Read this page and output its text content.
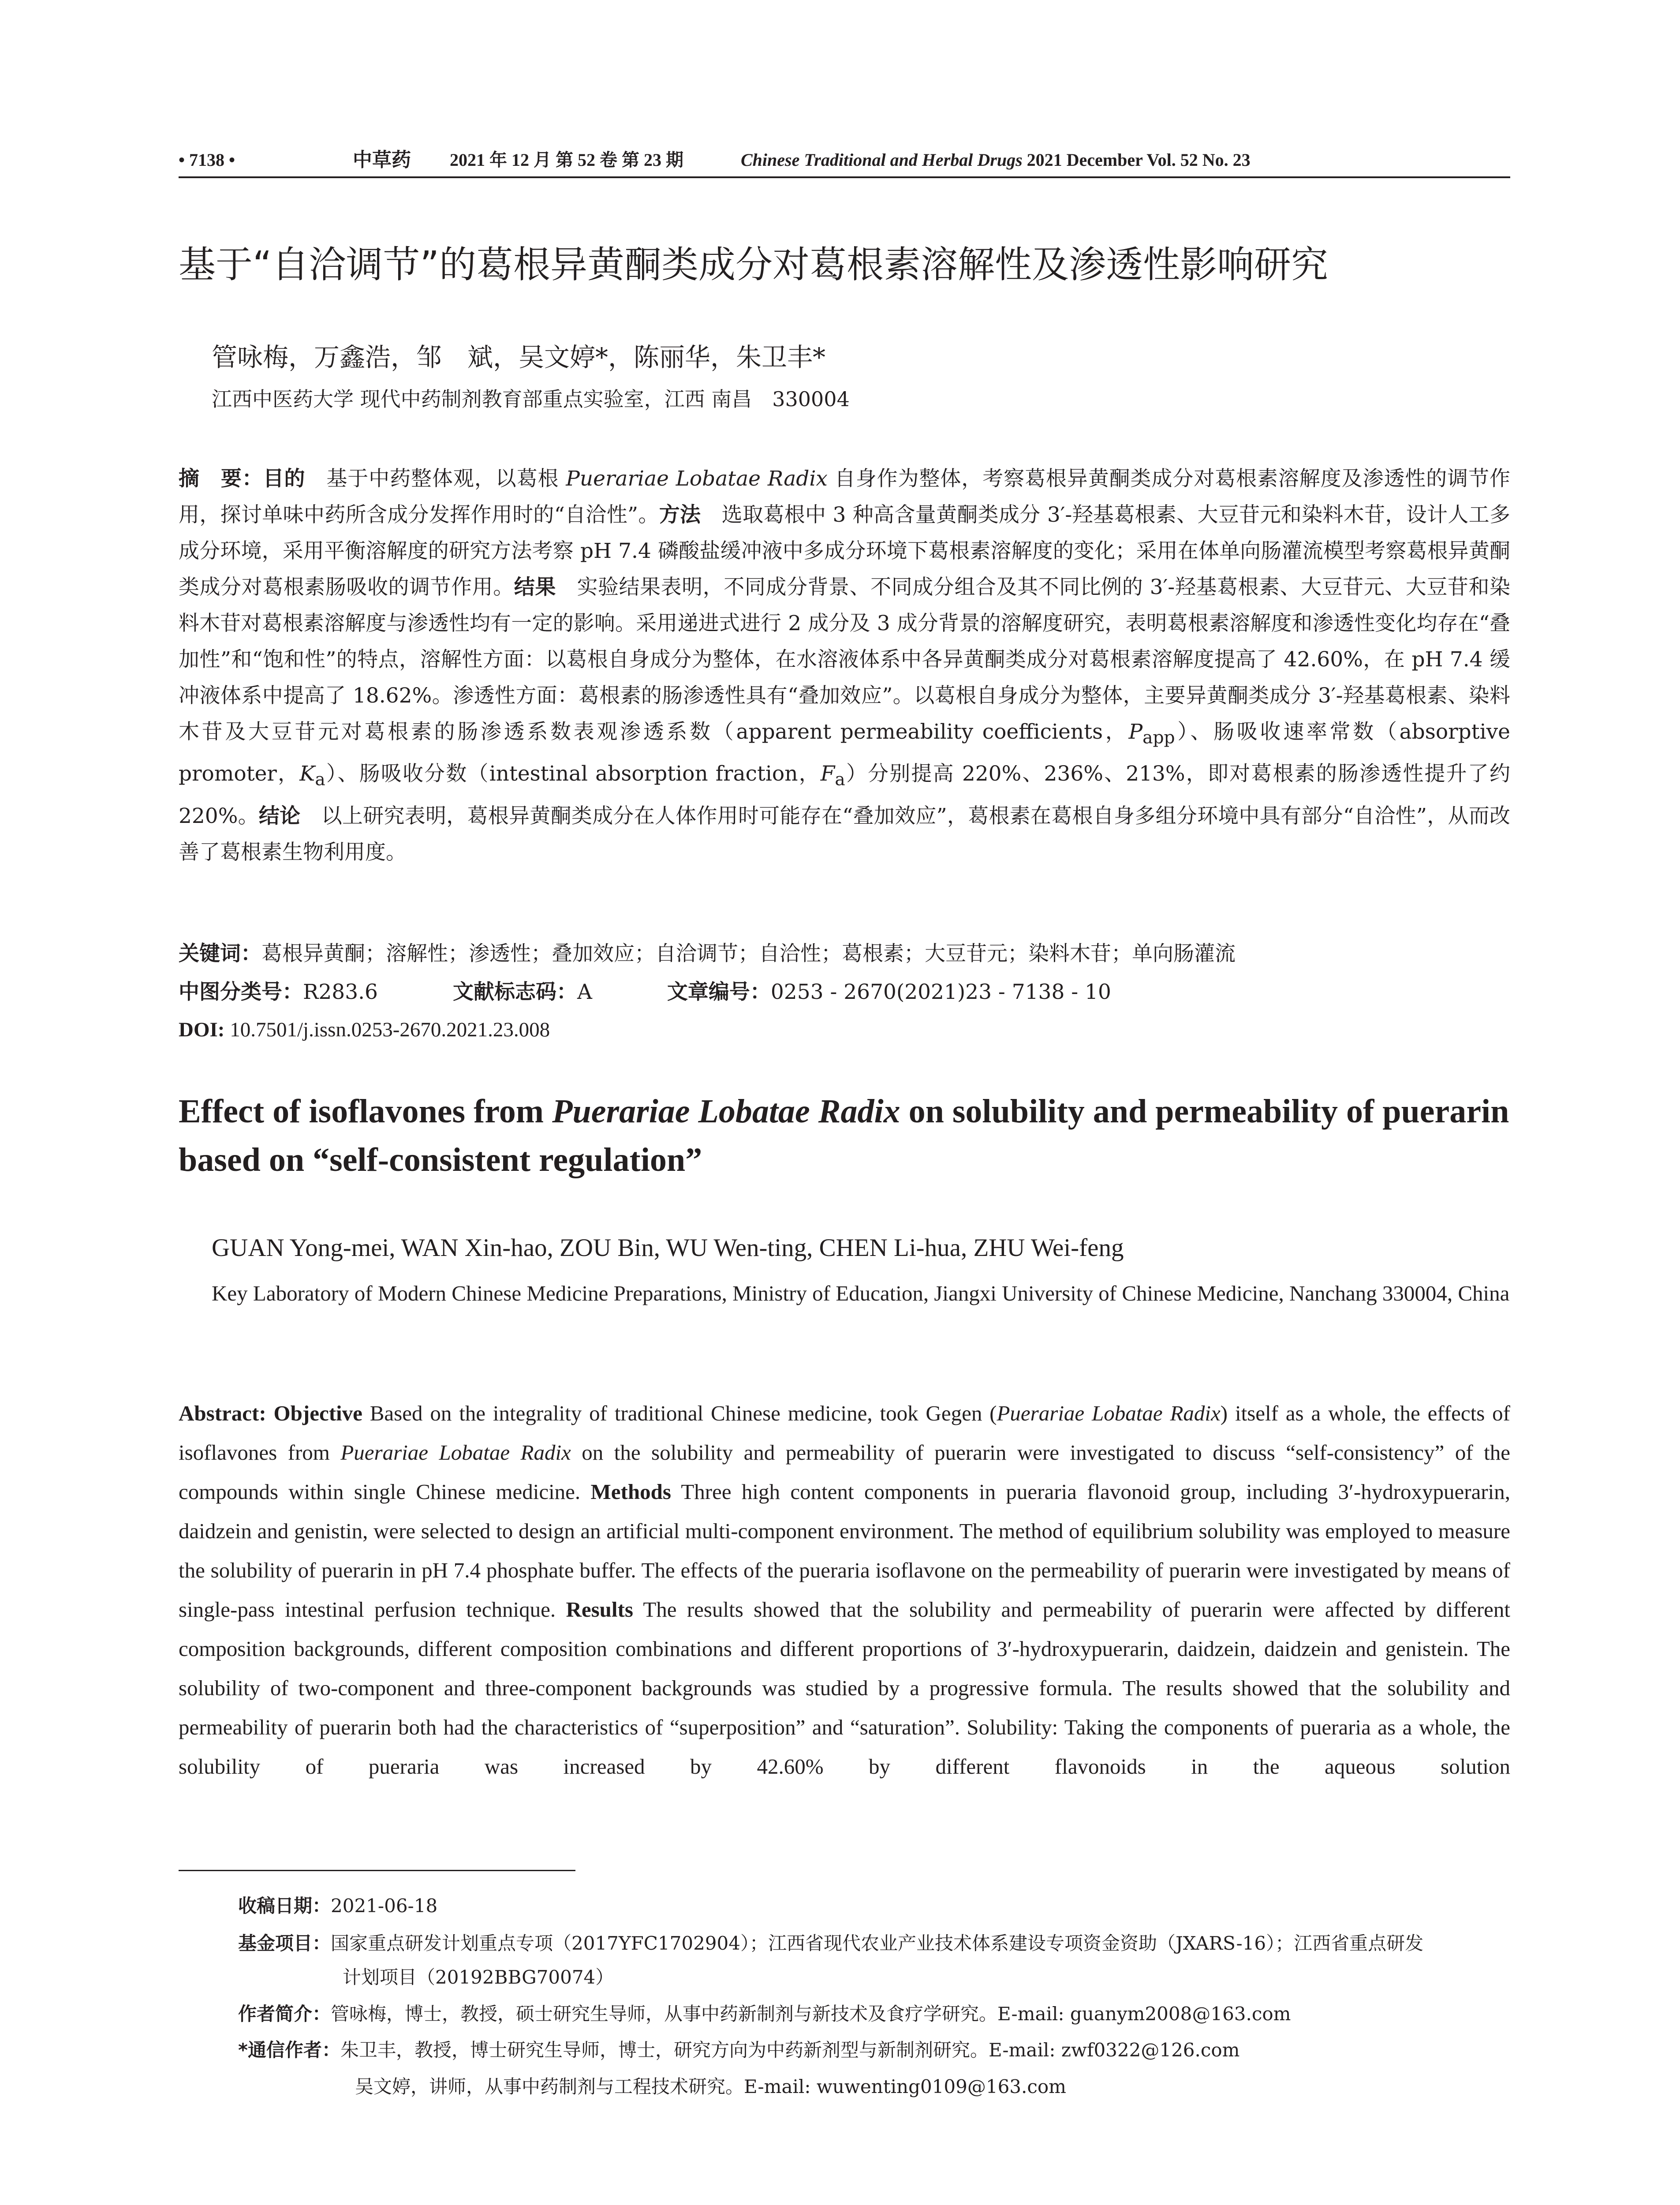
• 7138 •	中草药 2021 年 12 月 第 52 卷 第 23 期	Chinese Traditional and Herbal Drugs 2021 December Vol. 52 No. 23
基于“自洽调节”的葛根异黄酮类成分对葛根素溶解性及渗透性影响研究
管咏梅，万鑫浩，邹　斌，吴文婷*，陈丽华，朱卫丰*
江西中医药大学 现代中药制剂教育部重点实验室，江西 南昌　330004
摘　要：目的　基于中药整体观，以葛根 Puerariae Lobatae Radix 自身作为整体，考察葛根异黄酮类成分对葛根素溶解度及渗透性的调节作用，探讨单味中药所含成分发挥作用时的“自洽性”。方法　选取葛根中 3 种高含量黄酮类成分 3′-羟基葛根素、大豆苷元和染料木苷，设计人工多成分环境，采用平衡溶解度的研究方法考察 pH 7.4 磷酸盐缓冲液中多成分环境下葛根素溶解度的变化；采用在体单向肠灌流模型考察葛根异黄酮类成分对葛根素肠吸收的调节作用。结果　实验结果表明，不同成分背景、不同成分组合及其不同比例的 3′-羟基葛根素、大豆苷元、大豆苷和染料木苷对葛根素溶解度与渗透性均有一定的影响。采用递进式进行 2 成分及 3 成分背景的溶解度研究，表明葛根素溶解度和渗透性变化均存在“叠加性”和“饱和性”的特点，溶解性方面：以葛根自身成分为整体，在水溶液体系中各异黄酮类成分对葛根素溶解度提高了 42.60%，在 pH 7.4 缓冲液体系中提高了 18.62%。渗透性方面：葛根素的肠渗透性具有“叠加效应”。以葛根自身成分为整体，主要异黄酮类成分 3′-羟基葛根素、染料木苷及大豆苷元对葛根素的肠渗透系数表观渗透系数（apparent permeability coefficients，$P_{app}$）、肠吸收速率常数（absorptive promoter，$K_a$）、肠吸收分数（intestinal absorption fraction，$F_a$）分别提高 220%、236%、213%，即对葛根素的肠渗透性提升了约 220%。结论　以上研究表明，葛根异黄酮类成分在人体作用时可能存在“叠加效应”，葛根素在葛根自身多组分环境中具有部分“自洽性”，从而改善了葛根素生物利用度。
关键词：葛根异黄酮；溶解性；渗透性；叠加效应；自洽调节；自洽性；葛根素；大豆苷元；染料木苷；单向肠灌流
中图分类号：R283.6	文献标志码：A	文章编号：0253 - 2670(2021)23 - 7138 - 10
DOI: 10.7501/j.issn.0253-2670.2021.23.008
Effect of isoflavones from Puerariae Lobatae Radix on solubility and permeability of puerarin based on “self-consistent regulation”
GUAN Yong-mei, WAN Xin-hao, ZOU Bin, WU Wen-ting, CHEN Li-hua, ZHU Wei-feng
Key Laboratory of Modern Chinese Medicine Preparations, Ministry of Education, Jiangxi University of Chinese Medicine, Nanchang 330004, China
Abstract: Objective Based on the integrality of traditional Chinese medicine, took Gegen (Puerariae Lobatae Radix) itself as a whole, the effects of isoflavones from Puerariae Lobatae Radix on the solubility and permeability of puerarin were investigated to discuss “self-consistency” of the compounds within single Chinese medicine. Methods Three high content components in pueraria flavonoid group, including 3′-hydroxypuerarin, daidzein and genistin, were selected to design an artificial multi-component environment. The method of equilibrium solubility was employed to measure the solubility of puerarin in pH 7.4 phosphate buffer. The effects of the pueraria isoflavone on the permeability of puerarin were investigated by means of single-pass intestinal perfusion technique. Results The results showed that the solubility and permeability of puerarin were affected by different composition backgrounds, different composition combinations and different proportions of 3′-hydroxypuerarin, daidzein, daidzein and genistein. The solubility of two-component and three-component backgrounds was studied by a progressive formula. The results showed that the solubility and permeability of puerarin both had the characteristics of “superposition” and “saturation”. Solubility: Taking the components of pueraria as a whole, the solubility of pueraria was increased by 42.60% by different flavonoids in the aqueous solution
收稿日期：2021-06-18
基金项目：国家重点研发计划重点专项（2017YFC1702904）；江西省现代农业产业技术体系建设专项资金资助（JXARS-16）；江西省重点研发
计划项目（20192BBG70074）
作者简介：管咏梅，博士，教授，硕士研究生导师，从事中药新制剂与新技术及食疗学研究。E-mail: guanym2008@163.com
*通信作者：朱卫丰，教授，博士研究生导师，博士，研究方向为中药新剂型与新制剂研究。E-mail: zwf0322@126.com
吴文婷，讲师，从事中药制剂与工程技术研究。E-mail: wuwenting0109@163.com
